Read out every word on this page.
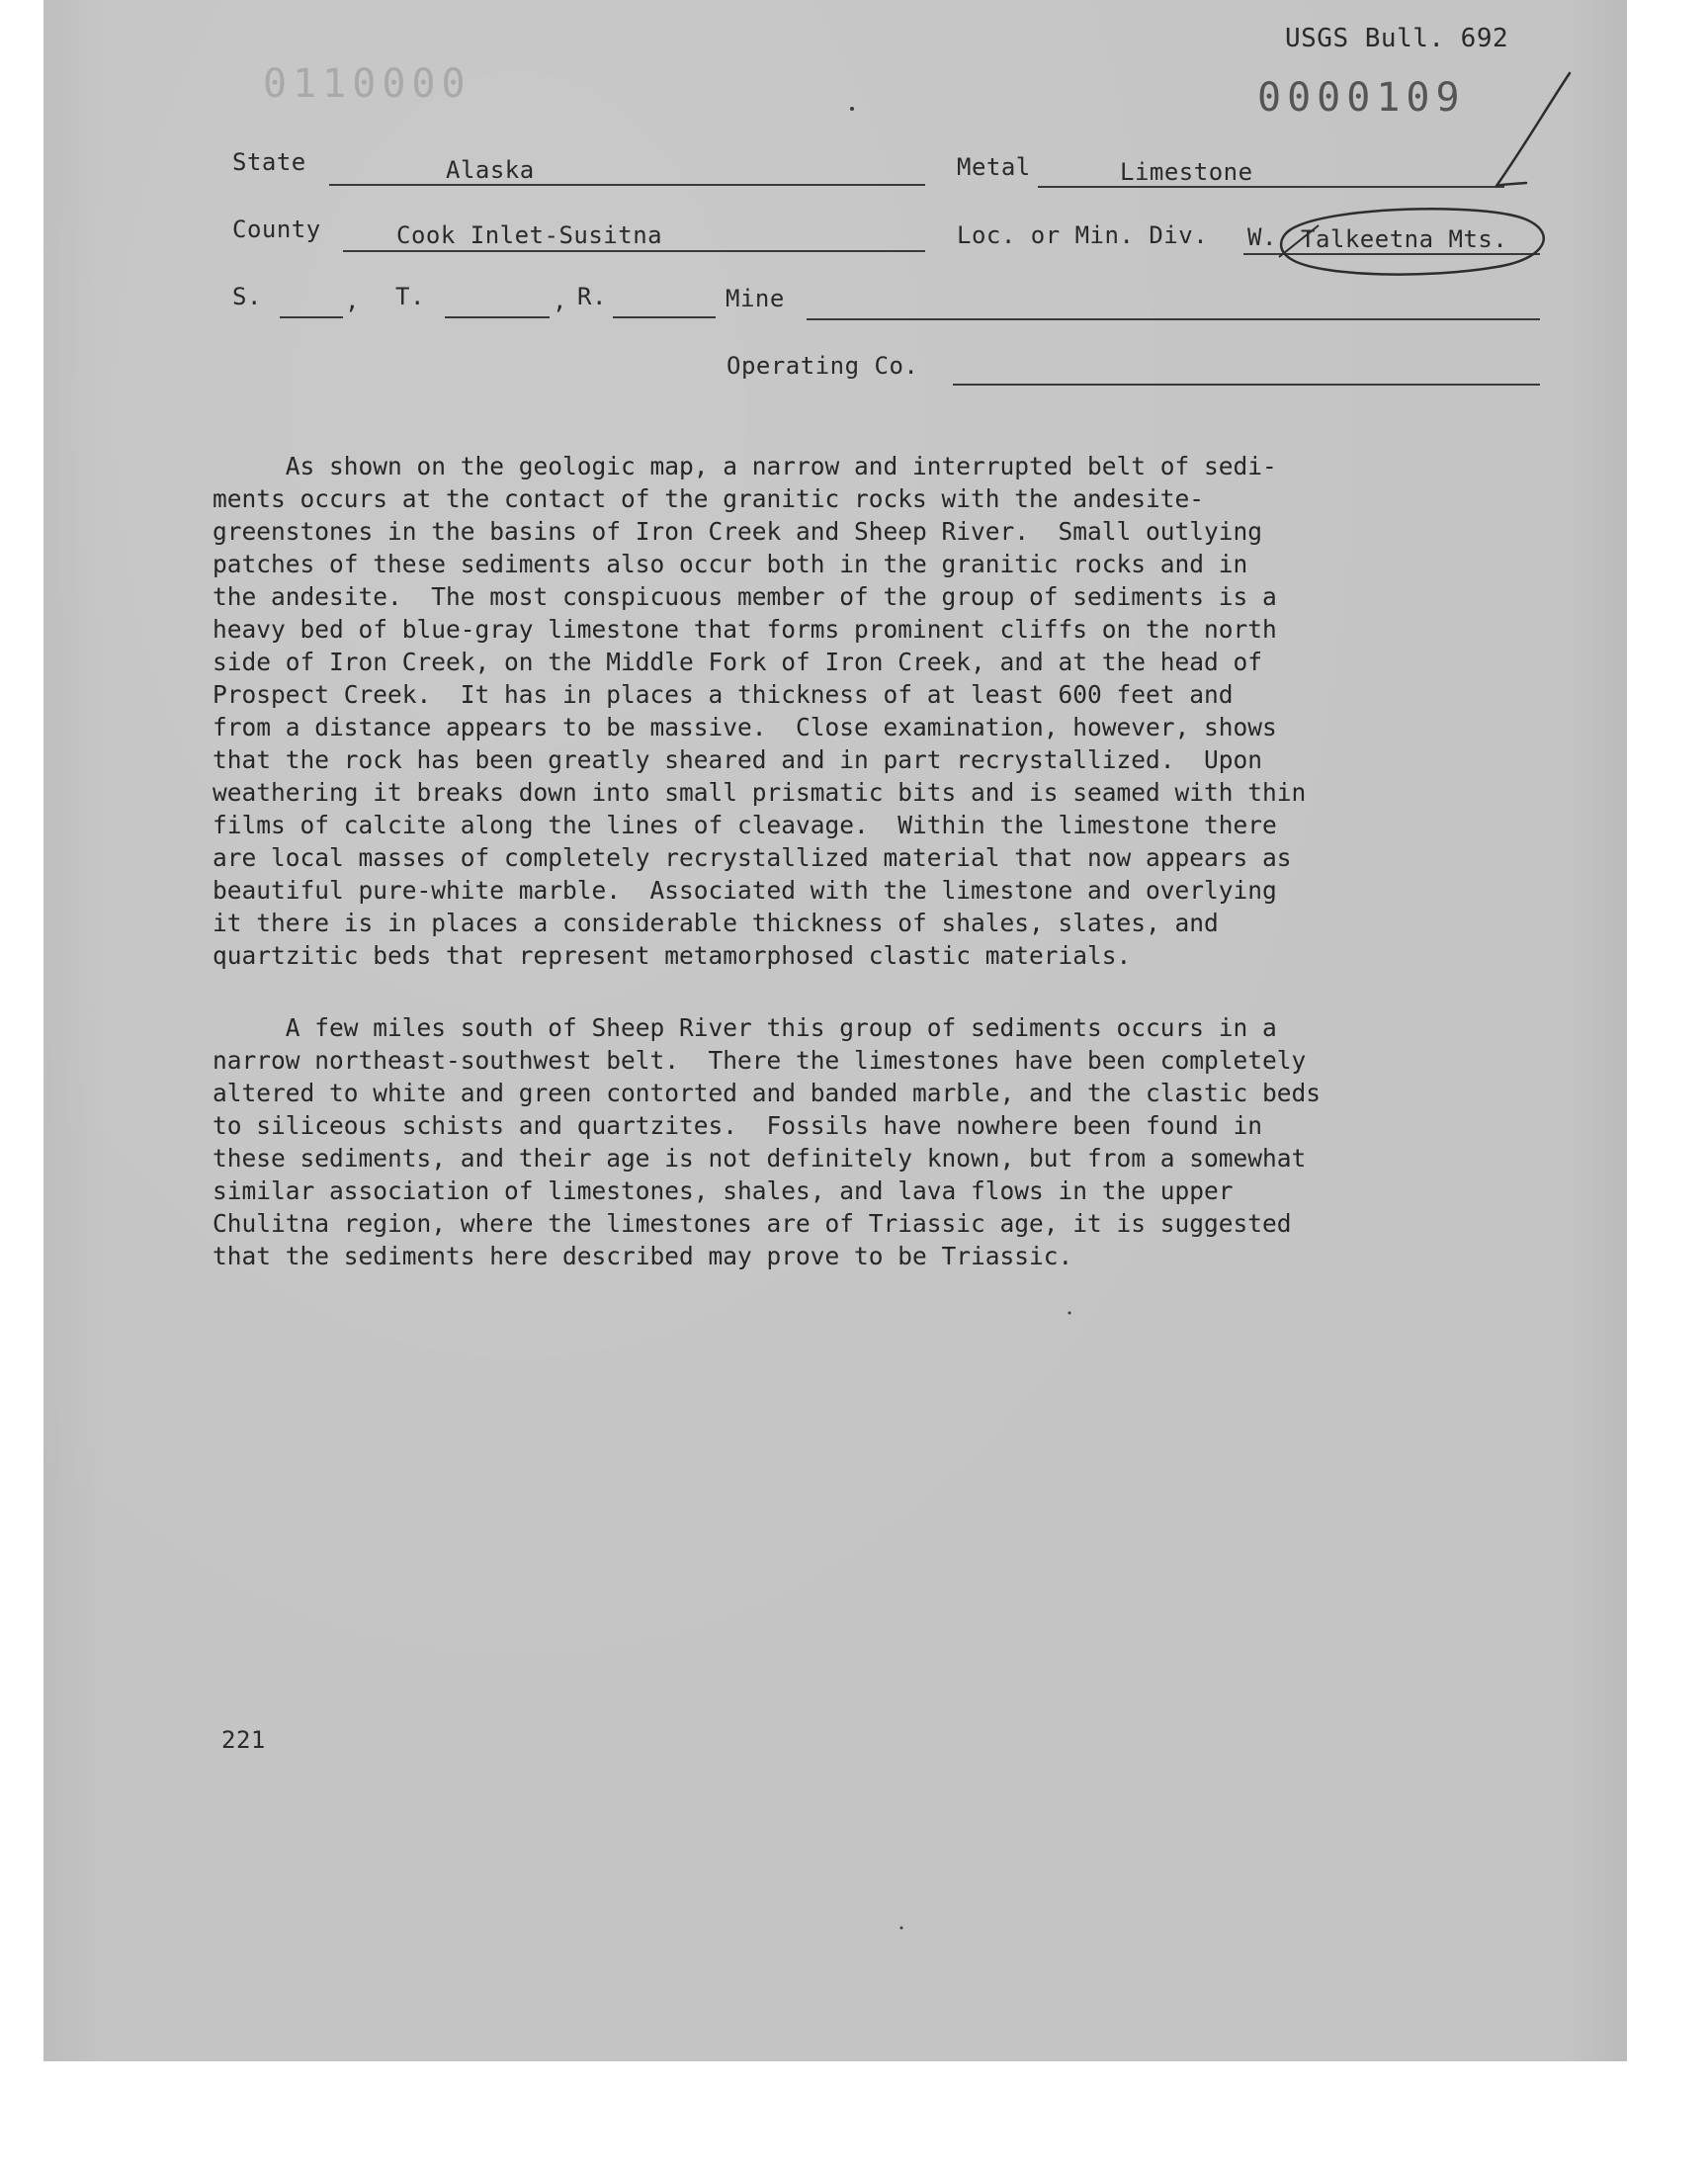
USGS Bull. 692
0110000	0000109
State	Alaska	Metal	Limestone
County	Cook Inlet-Susitna	Loc. or Min. Div. W. Talkeetna Mts.
S.	, T.	, R.	Mine
Operating Co.
As shown on the geologic map, a narrow and interrupted belt of sedi-
ments occurs at the contact of the granitic rocks with the andesite-
greenstones in the basins of Iron Creek and Sheep River.  Small outlying
patches of these sediments also occur both in the granitic rocks and in
the andesite.  The most conspicuous member of the group of sediments is a
heavy bed of blue-gray limestone that forms prominent cliffs on the north
side of Iron Creek, on the Middle Fork of Iron Creek, and at the head of
Prospect Creek.  It has in places a thickness of at least 600 feet and
from a distance appears to be massive.  Close examination, however, shows
that the rock has been greatly sheared and in part recrystallized.  Upon
weathering it breaks down into small prismatic bits and is seamed with thin
films of calcite along the lines of cleavage.  Within the limestone there
are local masses of completely recrystallized material that now appears as
beautiful pure-white marble.  Associated with the limestone and overlying
it there is in places a considerable thickness of shales, slates, and
quartzitic beds that represent metamorphosed clastic materials.
A few miles south of Sheep River this group of sediments occurs in a
narrow northeast-southwest belt.  There the limestones have been completely
altered to white and green contorted and banded marble, and the clastic beds
to siliceous schists and quartzites.  Fossils have nowhere been found in
these sediments, and their age is not definitely known, but from a somewhat
similar association of limestones, shales, and lava flows in the upper
Chulitna region, where the limestones are of Triassic age, it is suggested
that the sediments here described may prove to be Triassic.
221
